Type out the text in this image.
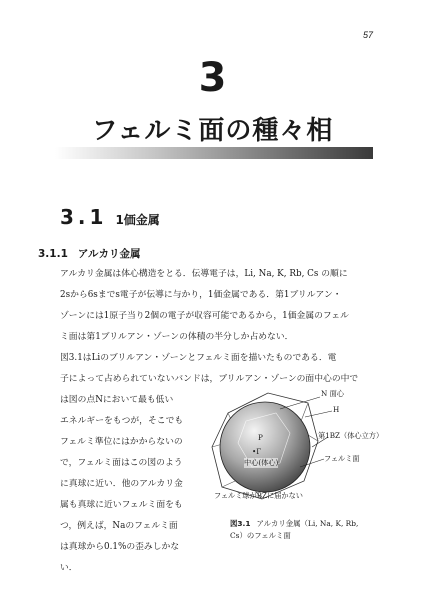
57
3
フェルミ面の種々相
3.1 1価金属
3.1.1 アルカリ金属
アルカリ金属は体心構造をとる．伝導電子は，Li, Na, K, Rb, Cs の順に
2sから6sまでs電子が伝導に与かり，1価金属である．第1ブリルアン・
ゾーンには1原子当り2個の電子が収容可能であるから，1価金属のフェル
ミ面は第1ブリルアン・ゾーンの体積の半分しか占めない．
図3.1はLiのブリルアン・ゾーンとフェルミ面を描いたものである．電
子によって占められていないバンドは，ブリルアン・ゾーンの面中心の中で
は図の点Nにおいて最も低い
エネルギーをもつが，そこでも
フェルミ準位にはかからないの
で，フェルミ面はこの図のよう
に真球に近い．他のアルカリ金
属も真球に近いフェルミ面をも
つ，例えば，Naのフェルミ面
は真球から0.1%の歪みしかな
い．
N 面心
H
P
•Γ
中心(体心)
第1BZ（体心立方）
フェルミ面
フェルミ球がBZに届かない
図3.1 アルカリ金属（Li, Na, K, Rb, Cs）のフェルミ面
